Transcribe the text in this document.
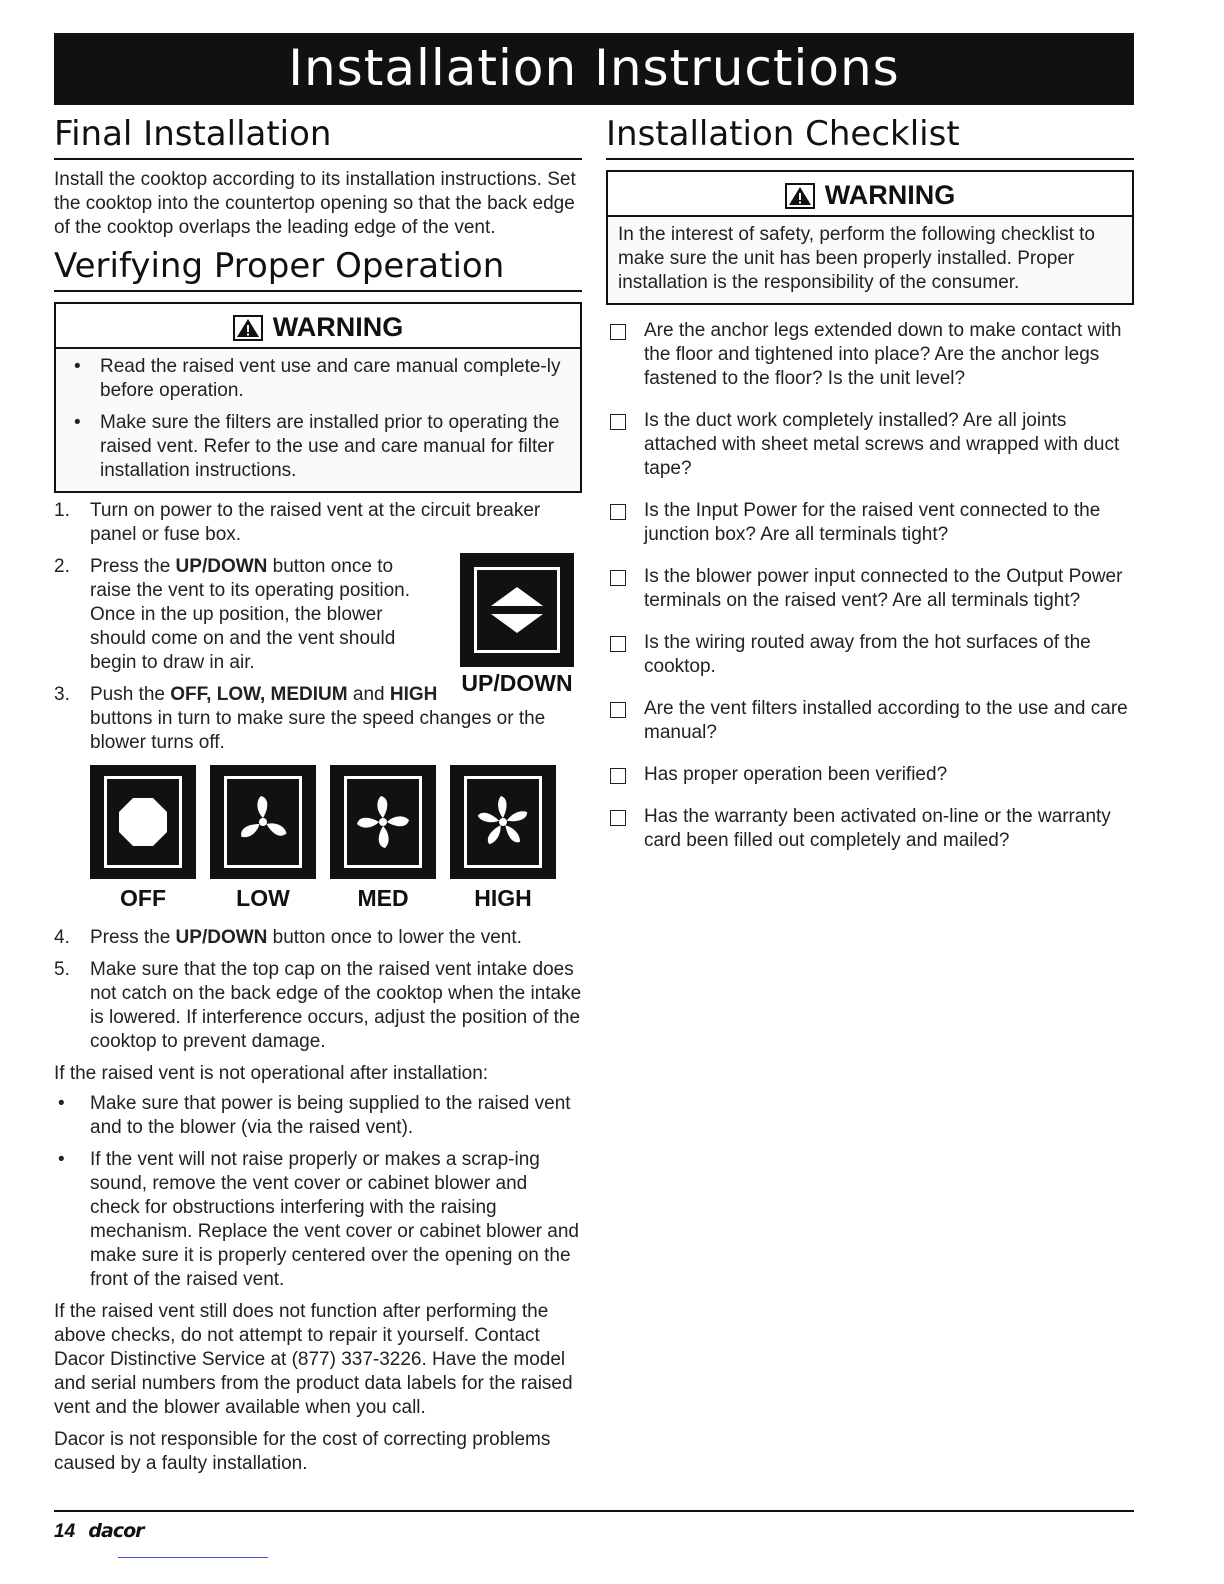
Installation Instructions
Final Installation

Install the cooktop according to its installation instructions. Set the cooktop into the countertop opening so that the back edge of the cooktop overlaps the leading edge of the vent.

Verifying Proper Operation
WARNING
• Read the raised vent use and care manual complete-ly before operation.
• Make sure the filters are installed prior to operating the raised vent. Refer to the use and care manual for filter installation instructions.
1. Turn on power to the raised vent at the circuit breaker panel or fuse box.
UP/DOWN
2. Press the UP/DOWN button once to raise the vent to its operating position. Once in the up position, the blower should come on and the vent should begin to draw in air.
3. Push the OFF, LOW, MEDIUM and HIGH buttons in turn to make sure the speed changes or the blower turns off.
OFF	LOW	MED	HIGH
4. Press the UP/DOWN button once to lower the vent.
5. Make sure that the top cap on the raised vent intake does not catch on the back edge of the cooktop when the intake is lowered. If interference occurs, adjust the position of the cooktop to prevent damage.

If the raised vent is not operational after installation:

• Make sure that power is being supplied to the raised vent and to the blower (via the raised vent).
• If the vent will not raise properly or makes a scrap-ing sound, remove the vent cover or cabinet blower and check for obstructions interfering with the raising mechanism. Replace the vent cover or cabinet blower and make sure it is properly centered over the opening on the front of the raised vent.

If the raised vent still does not function after performing the above checks, do not attempt to repair it yourself. Contact Dacor Distinctive Service at (877) 337-3226. Have the model and serial numbers from the product data labels for the raised vent and the blower available when you call.

Dacor is not responsible for the cost of correcting problems caused by a faulty installation.

Installation Checklist
WARNING
In the interest of safety, perform the following checklist to make sure the unit has been properly installed. Proper installation is the responsibility of the consumer.
Are the anchor legs extended down to make contact with the floor and tightened into place? Are the anchor legs fastened to the floor? Is the unit level?
Is the duct work completely installed? Are all joints attached with sheet metal screws and wrapped with duct tape?
Is the Input Power for the raised vent connected to the junction box? Are all terminals tight?
Is the blower power input connected to the Output Power terminals on the raised vent? Are all terminals tight?
Is the wiring routed away from the hot surfaces of the cooktop.
Are the vent filters installed according to the use and care manual?
Has proper operation been verified?
Has the warranty been activated on-line or the warranty card been filled out completely and mailed?
14 dacor
